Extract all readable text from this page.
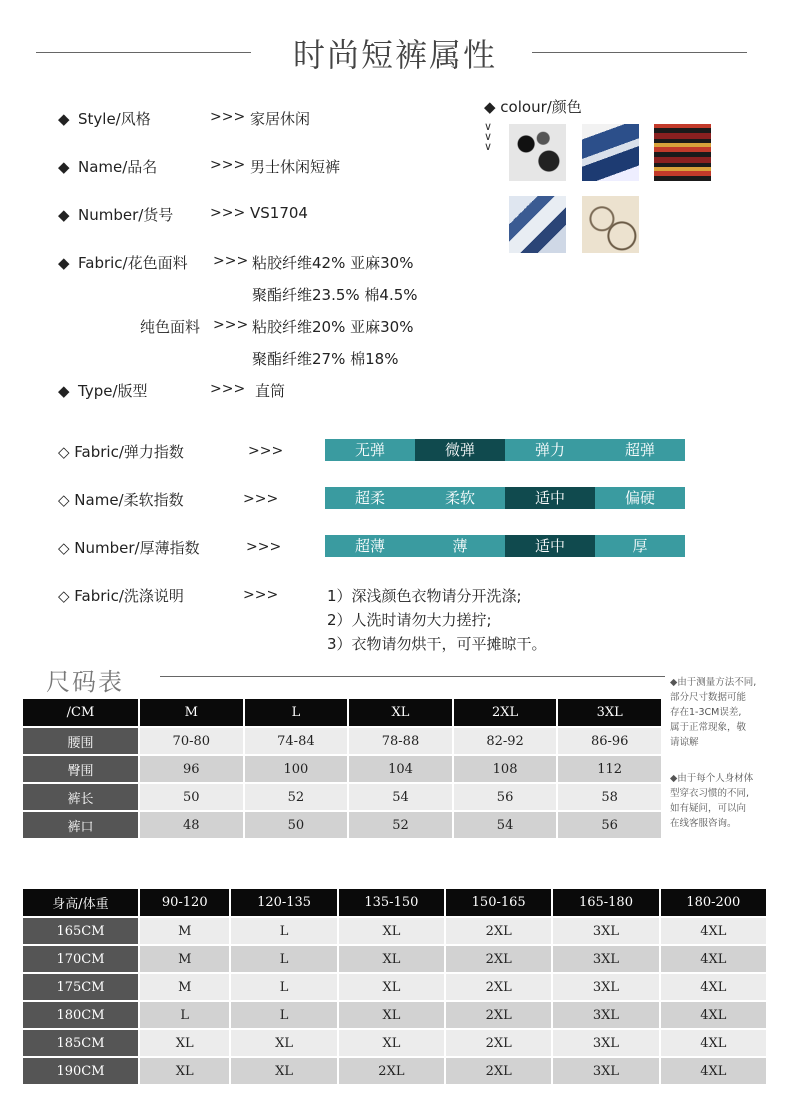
时尚短裤属性
◆ Style/风格	>>> 家居休闲
◆ Name/品名	>>> 男士休闲短裤
◆ Number/货号	>>> VS1704
◆ Fabric/花色面料 >>> 粘胶纤维42% 亚麻30%
聚酯纤维23.5% 棉4.5%
纯色面料 >>> 粘胶纤维20% 亚麻30%
聚酯纤维27% 棉18%
◆ Type/版型	>>> 直筒
◆ colour/颜色
∨
∨
∨
◇ Fabric/弹力指数	>>>	无弹	微弹	弹力	超弹
◇ Name/柔软指数	>>>	超柔	柔软	适中	偏硬
◇ Number/厚薄指数	>>>	超薄	薄	适中	厚
◇ Fabric/洗涤说明	>>>	1）深浅颜色衣物请分开洗涤;
2）人洗时请勿大力搓拧;
3）衣物请勿烘干，可平摊晾干。
尺码表
/CM	M	L	XL	2XL	3XL
腰围	70-80	74-84	78-88	82-92	86-96
臀围	96	100	104	108	112
裤长	50	52	54	56	58
裤口	48	50	52	54	56
◆由于测量方法不同,
部分尺寸数据可能
存在1-3CM误差,
属于正常现象，敬
请谅解
◆由于每个人身材体
型穿衣习惯的不同,
如有疑问，可以向
在线客服咨询。
身高/体重	90-120	120-135	135-150	150-165	165-180	180-200
165CM	M	L	XL	2XL	3XL	4XL
170CM	M	L	XL	2XL	3XL	4XL
175CM	M	L	XL	2XL	3XL	4XL
180CM	L	L	XL	2XL	3XL	4XL
185CM	XL	XL	XL	2XL	3XL	4XL
190CM	XL	XL	2XL	2XL	3XL	4XL
